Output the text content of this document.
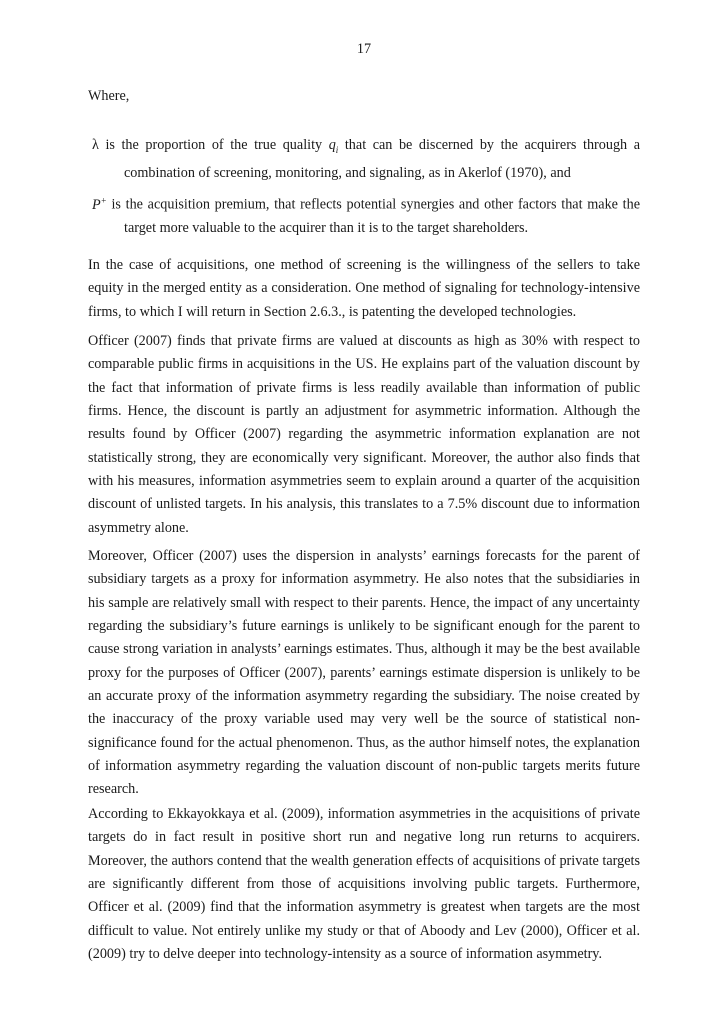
17
Where,
λ is the proportion of the true quality $q_i$ that can be discerned by the acquirers through a
combination of screening, monitoring, and signaling, as in Akerlof (1970), and
P+ is the acquisition premium, that reflects potential synergies and other factors that make the
target more valuable to the acquirer than it is to the target shareholders.

In the case of acquisitions, one method of screening is the willingness of the sellers to take equity in the merged entity as a consideration. One method of signaling for technology-intensive firms, to which I will return in Section 2.6.3., is patenting the developed technologies.

Officer (2007) finds that private firms are valued at discounts as high as 30% with respect to comparable public firms in acquisitions in the US. He explains part of the valuation discount by the fact that information of private firms is less readily available than information of public firms. Hence, the discount is partly an adjustment for asymmetric information. Although the results found by Officer (2007) regarding the asymmetric information explanation are not statistically strong, they are economically very significant. Moreover, the author also finds that with his measures, information asymmetries seem to explain around a quarter of the acquisition discount of unlisted targets. In his analysis, this translates to a 7.5% discount due to information asymmetry alone.

Moreover, Officer (2007) uses the dispersion in analysts’ earnings forecasts for the parent of subsidiary targets as a proxy for information asymmetry. He also notes that the subsidiaries in his sample are relatively small with respect to their parents. Hence, the impact of any uncertainty regarding the subsidiary’s future earnings is unlikely to be significant enough for the parent to cause strong variation in analysts’ earnings estimates. Thus, although it may be the best available proxy for the purposes of Officer (2007), parents’ earnings estimate dispersion is unlikely to be an accurate proxy of the information asymmetry regarding the subsidiary. The noise created by the inaccuracy of the proxy variable used may very well be the source of statistical non-significance found for the actual phenomenon. Thus, as the author himself notes, the explanation of information asymmetry regarding the valuation discount of non-public targets merits future research.

According to Ekkayokkaya et al. (2009), information asymmetries in the acquisitions of private targets do in fact result in positive short run and negative long run returns to acquirers. Moreover, the authors contend that the wealth generation effects of acquisitions of private targets are significantly different from those of acquisitions involving public targets. Furthermore, Officer et al. (2009) find that the information asymmetry is greatest when targets are the most difficult to value. Not entirely unlike my study or that of Aboody and Lev (2000), Officer et al. (2009) try to delve deeper into technology-intensity as a source of information asymmetry.
